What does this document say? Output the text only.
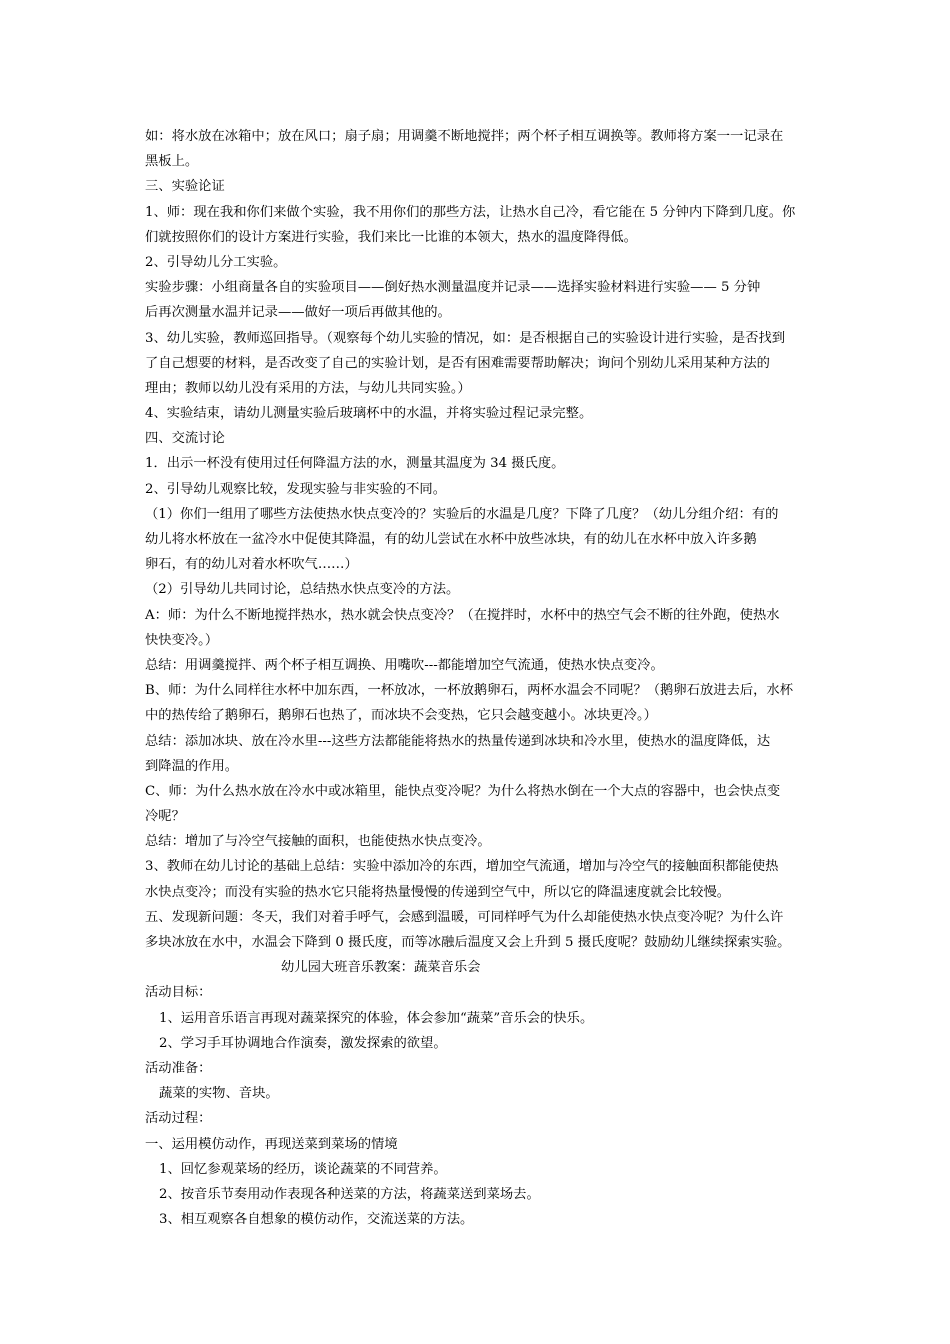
如：将水放在冰箱中；放在风口；扇子扇；用调羹不断地搅拌；两个杯子相互调换等。教师将方案一一记录在
黑板上。
三、实验论证
1、师：现在我和你们来做个实验，我不用你们的那些方法，让热水自己冷，看它能在 5 分钟内下降到几度。你
们就按照你们的设计方案进行实验，我们来比一比谁的本领大，热水的温度降得低。
2、引导幼儿分工实验。
实验步骤：小组商量各自的实验项目——倒好热水测量温度并记录——选择实验材料进行实验—— 5 分钟
后再次测量水温并记录——做好一项后再做其他的。
3、幼儿实验，教师巡回指导。（观察每个幼儿实验的情况，如：是否根据自己的实验设计进行实验，是否找到
了自己想要的材料，是否改变了自己的实验计划，是否有困难需要帮助解决；询问个别幼儿采用某种方法的
理由；教师以幼儿没有采用的方法，与幼儿共同实验。）
4、实验结束，请幼儿测量实验后玻璃杯中的水温，并将实验过程记录完整。
四、交流讨论
1．出示一杯没有使用过任何降温方法的水，测量其温度为 34 摄氏度。
2、引导幼儿观察比较，发现实验与非实验的不同。
（1）你们一组用了哪些方法使热水快点变冷的？实验后的水温是几度？下降了几度？（幼儿分组介绍：有的
幼儿将水杯放在一盆冷水中促使其降温，有的幼儿尝试在水杯中放些冰块，有的幼儿在水杯中放入许多鹅
卵石，有的幼儿对着水杯吹气……）
（2）引导幼儿共同讨论，总结热水快点变冷的方法。
A：师：为什么不断地搅拌热水，热水就会快点变冷？（在搅拌时，水杯中的热空气会不断的往外跑，使热水
快快变冷。）
总结：用调羹搅拌、两个杯子相互调换、用嘴吹---都能增加空气流通，使热水快点变冷。
B、师：为什么同样往水杯中加东西，一杯放冰，一杯放鹅卵石，两杯水温会不同呢？（鹅卵石放进去后，水杯
中的热传给了鹅卵石，鹅卵石也热了，而冰块不会变热，它只会越变越小。冰块更冷。）
总结：添加冰块、放在冷水里---这些方法都能能将热水的热量传递到冰块和冷水里，使热水的温度降低，达
到降温的作用。
C、师：为什么热水放在冷水中或冰箱里，能快点变冷呢？为什么将热水倒在一个大点的容器中，也会快点变
冷呢？
总结：增加了与冷空气接触的面积，也能使热水快点变冷。
3、教师在幼儿讨论的基础上总结：实验中添加冷的东西，增加空气流通，增加与冷空气的接触面积都能使热
水快点变冷；而没有实验的热水它只能将热量慢慢的传递到空气中，所以它的降温速度就会比较慢。
五、发现新问题：冬天，我们对着手呼气，会感到温暖，可同样呼气为什么却能使热水快点变冷呢？为什么许
多块冰放在水中，水温会下降到 0 摄氏度，而等冰融后温度又会上升到 5 摄氏度呢？鼓励幼儿继续探索实验。
幼儿园大班音乐教案：蔬菜音乐会
活动目标：
1、运用音乐语言再现对蔬菜探究的体验，体会参加“蔬菜”音乐会的快乐。
2、学习手耳协调地合作演奏，激发探索的欲望。
活动准备：
蔬菜的实物、音块。
活动过程：
一、运用模仿动作，再现送菜到菜场的情境
1、回忆参观菜场的经历，谈论蔬菜的不同营养。
2、按音乐节奏用动作表现各种送菜的方法，将蔬菜送到菜场去。
3、相互观察各自想象的模仿动作，交流送菜的方法。
